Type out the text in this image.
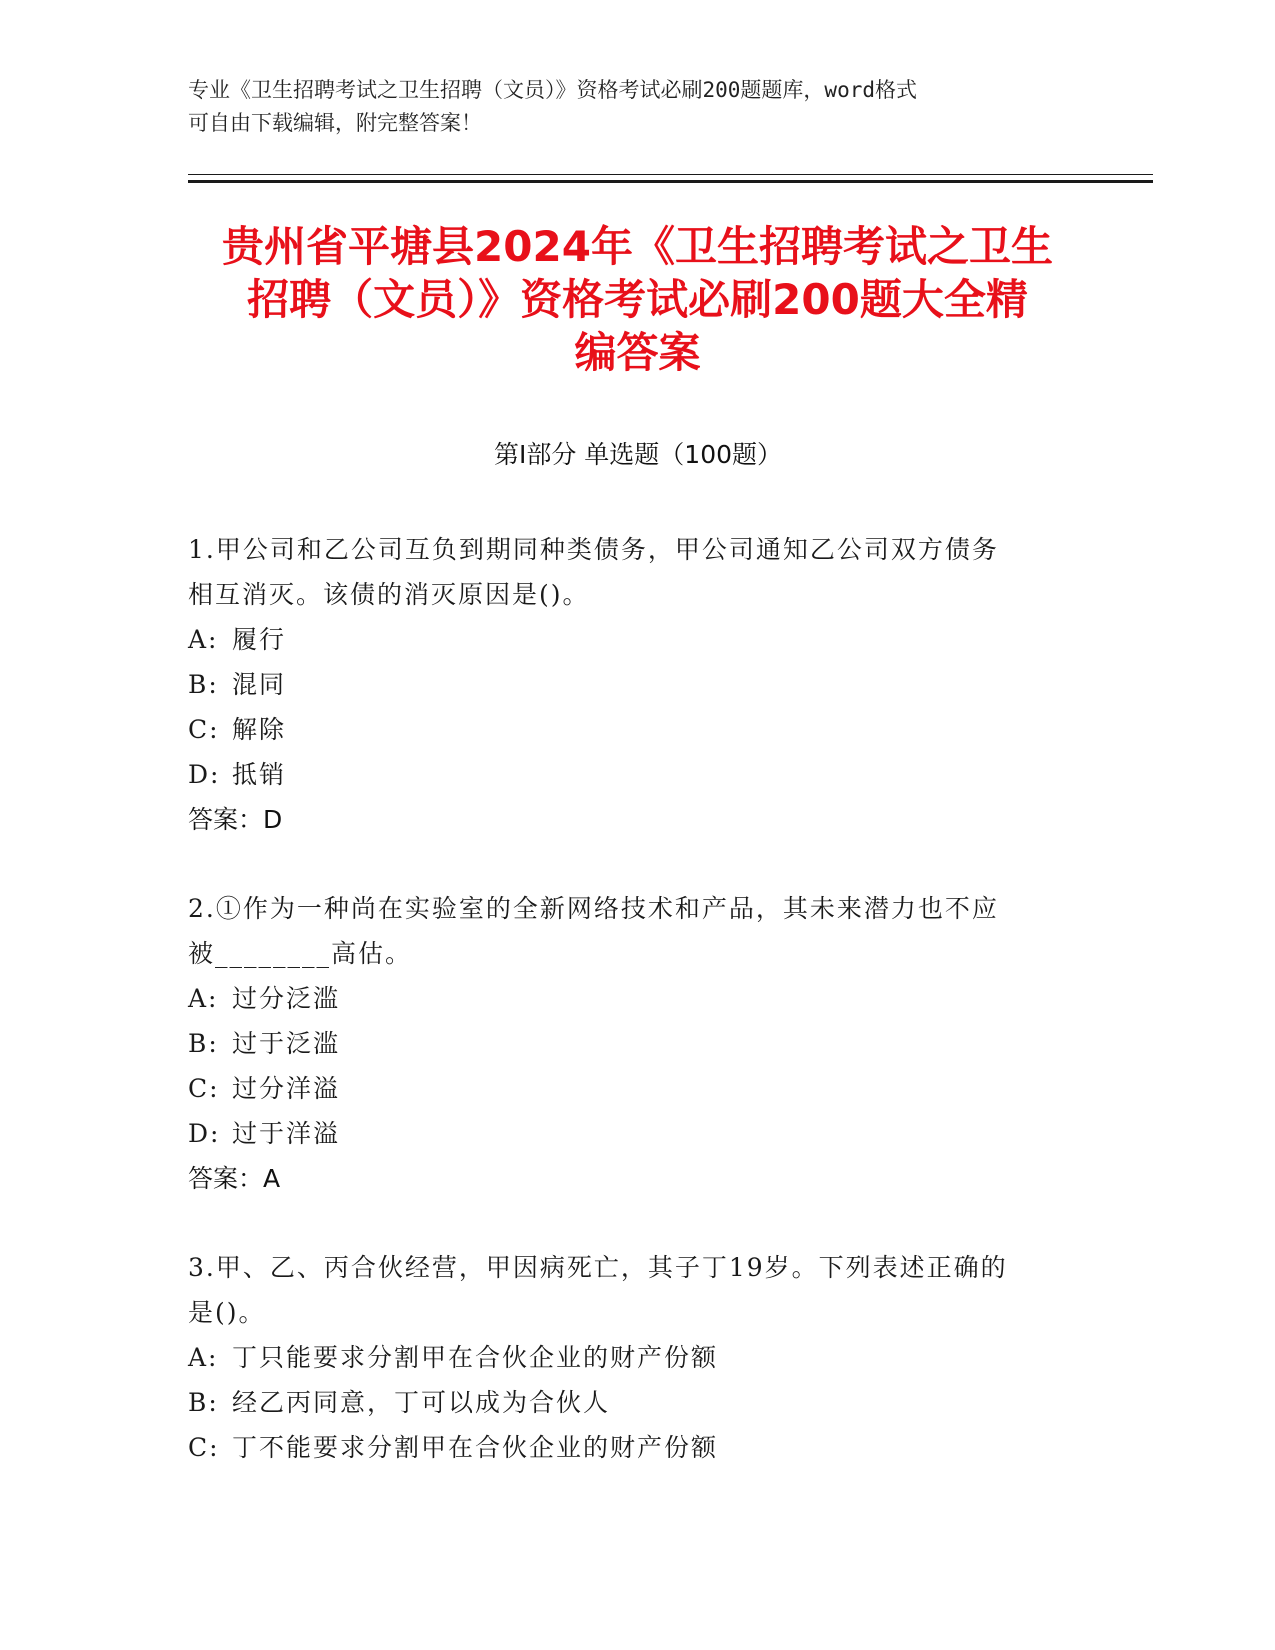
专业《卫生招聘考试之卫生招聘（文员）》资格考试必刷200题题库，word格式
可自由下载编辑，附完整答案！
贵州省平塘县2024年《卫生招聘考试之卫生
招聘（文员）》资格考试必刷200题大全精
编答案
第Ⅰ部分 单选题（100题）

1.甲公司和乙公司互负到期同种类债务，甲公司通知乙公司双方债务

相互消灭。该债的消灭原因是()。

A: 履行

B: 混同

C: 解除

D: 抵销

答案：D

2.①作为一种尚在实验室的全新网络技术和产品，其未来潜力也不应

被________高估。

A: 过分泛滥

B: 过于泛滥

C: 过分洋溢

D: 过于洋溢

答案：A

3.甲、乙、丙合伙经营，甲因病死亡，其子丁19岁。下列表述正确的

是()。

A: 丁只能要求分割甲在合伙企业的财产份额

B: 经乙丙同意，丁可以成为合伙人

C: 丁不能要求分割甲在合伙企业的财产份额
